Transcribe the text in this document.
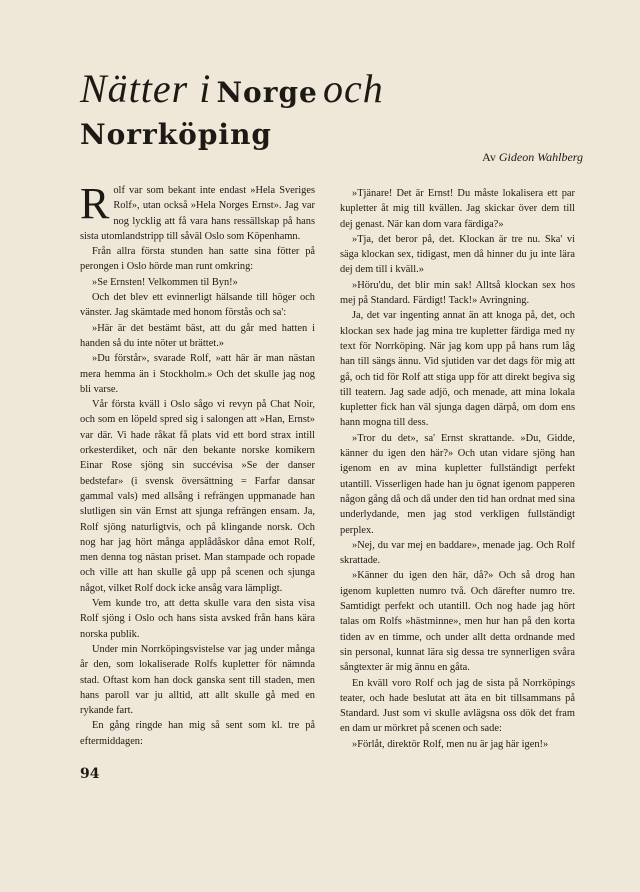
Nätter i Norge och
Norrköping
Av Gideon Wahlberg

Rolf var som bekant inte endast »Hela Sveriges Rolf», utan också »Hela Norges Ernst». Jag var nog lycklig att få vara hans ressällskap på hans sista utomlandstripp till såväl Oslo som Köpenhamn.

Från allra första stunden han satte sina fötter på perongen i Oslo hörde man runt omkring:

»Se Ernsten! Velkommen til Byn!»

Och det blev ett evinnerligt hälsande till höger och vänster. Jag skämtade med honom förstås och sa':

»Här är det bestämt bäst, att du går med hatten i handen så du inte nöter ut brättet.»

»Du förstår», svarade Rolf, »att här är man nästan mera hemma än i Stockholm.» Och det skulle jag nog bli varse.

Vår första kväll i Oslo sågo vi revyn på Chat Noir, och som en löpeld spred sig i salongen att »Han, Ernst» var där. Vi hade råkat få plats vid ett bord strax intill orkesterdiket, och när den bekante norske komikern Einar Rose sjöng sin succévisa »Se der danser bedstefar» (i svensk översättning = Farfar dansar gammal vals) med allsång i refrängen uppmanade han slutligen sin vän Ernst att sjunga refrängen ensam. Ja, Rolf sjöng naturligtvis, och på klingande norsk. Och nog har jag hört många applådåskor dåna emot Rolf, men denna tog nästan priset. Man stampade och ropade och ville att han skulle gå upp på scenen och sjunga något, vilket Rolf dock icke ansåg vara lämpligt.

Vem kunde tro, att detta skulle vara den sista visa Rolf sjöng i Oslo och hans sista avsked från hans kära norska publik.

Under min Norrköpingsvistelse var jag under många år den, som lokaliserade Rolfs kupletter för nämnda stad. Oftast kom han dock ganska sent till staden, men hans paroll var ju alltid, att allt skulle gå med en rykande fart.

En gång ringde han mig så sent som kl. tre på eftermiddagen:

»Tjänare! Det är Ernst! Du måste lokalisera ett par kupletter åt mig till kvällen. Jag skickar över dem till dej genast. När kan dom vara färdiga?»

»Tja, det beror på, det. Klockan är tre nu. Ska' vi säga klockan sex, tidigast, men då hinner du ju inte lära dej dem till i kväll.»

»Höru'du, det blir min sak! Alltså klockan sex hos mej på Standard. Färdigt! Tack!» Avringning.

Ja, det var ingenting annat än att knoga på, det, och klockan sex hade jag mina tre kupletter färdiga med ny text för Norrköping. När jag kom upp på hans rum låg han till sängs ännu. Vid sjutiden var det dags för mig att gå, och tid för Rolf att stiga upp för att direkt begiva sig till teatern. Jag sade adjö, och menade, att mina lokala kupletter fick han väl sjunga dagen därpå, om dom ens hann mogna till dess.

»Tror du det», sa' Ernst skrattande. »Du, Gidde, känner du igen den här?» Och utan vidare sjöng han igenom en av mina kupletter fullständigt perfekt utantill. Visserligen hade han ju ögnat igenom papperen någon gång då och då under den tid han ordnat med sina underlydande, men jag stod verkligen fullständigt perplex.

»Nej, du var mej en baddare», menade jag. Och Rolf skrattade.

»Känner du igen den här, då?» Och så drog han igenom kupletten numro två. Och därefter numro tre. Samtidigt perfekt och utantill. Och nog hade jag hört talas om Rolfs »hästminne», men hur han på den korta tiden av en timme, och under allt detta ordnande med sin personal, kunnat lära sig dessa tre synnerligen svåra sångtexter är mig ännu en gåta.

En kväll voro Rolf och jag de sista på Norrköpings teater, och hade beslutat att äta en bit tillsammans på Standard. Just som vi skulle avlägsna oss dök det fram en dam ur mörkret på scenen och sade:

»Förlåt, direktör Rolf, men nu är jag här igen!»

94
